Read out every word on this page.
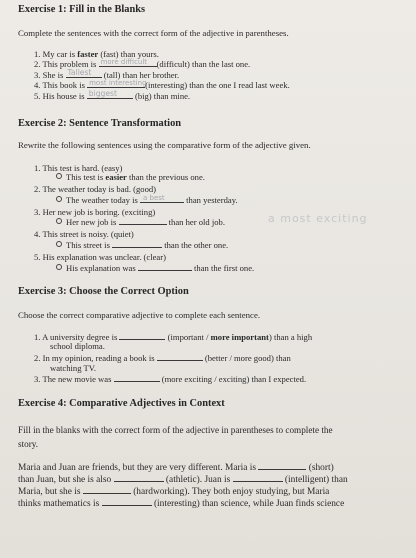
Exercise 1: Fill in the Blanks
Complete the sentences with the correct form of the adjective in parentheses.
1. My car is faster (fast) than yours.
2. This problem is more difficult (difficult) than the last one.
3. She is Tallest (tall) than her brother.
4. This book is most interesting
(interesting) than the one I read last week.
5. His house is biggest (big) than mine.
Exercise 2: Sentence Transformation
Rewrite the following sentences using the comparative form of the adjective given.
1. This test is hard. (easy)
This test is easier than the previous one.
2. The weather today is bad. (good)
The weather today is a best	than yesterday.
3. Her new job is boring. (exciting)
Her new job is	than her old job.	a most exciting
4. This street is noisy. (quiet)
This street is	than the other one.
5. His explanation was unclear. (clear)
His explanation was	than the first one.
Exercise 3: Choose the Correct Option
Choose the correct comparative adjective to complete each sentence.
1. A university degree is	(important / more important) than a high
school diploma.
2. In my opinion, reading a book is	(better / more good) than
watching TV.
3. The new movie was	(more exciting / exciting) than I expected.
Exercise 4: Comparative Adjectives in Context
Fill in the blanks with the correct form of the adjective in parentheses to complete the
story.
Maria and Juan are friends, but they are very different. Maria is	(short)
than Juan, but she is also	(athletic). Juan is	(intelligent) than
Maria, but she is	(hardworking). They both enjoy studying, but Maria
thinks mathematics is	(interesting) than science, while Juan finds science
